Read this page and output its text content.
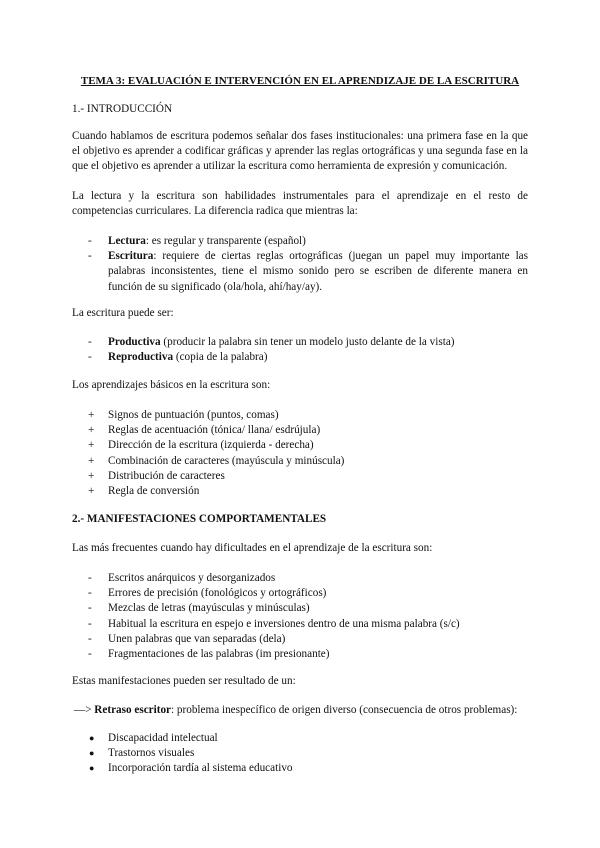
TEMA 3: EVALUACIÓN E INTERVENCIÓN EN EL APRENDIZAJE DE LA ESCRITURA
1.- INTRODUCCIÓN
Cuando hablamos de escritura podemos señalar dos fases institucionales: una primera fase en la que el objetivo es aprender a codificar gráficas y aprender las reglas ortográficas y una segunda fase en la que el objetivo es aprender a utilizar la escritura como herramienta de expresión y comunicación.
La lectura y la escritura son habilidades instrumentales para el aprendizaje en el resto de competencias curriculares. La diferencia radica que mientras la:
- Lectura: es regular y transparente (español)
- Escritura: requiere de ciertas reglas ortográficas (juegan un papel muy importante las palabras inconsistentes, tiene el mismo sonido pero se escriben de diferente manera en función de su significado (ola/hola, ahí/hay/ay).
La escritura puede ser:
- Productiva (producir la palabra sin tener un modelo justo delante de la vista)
- Reproductiva (copia de la palabra)
Los aprendizajes básicos en la escritura son:
+ Signos de puntuación (puntos, comas)
+ Reglas de acentuación (tónica/ llana/ esdrújula)
+ Dirección de la escritura (izquierda - derecha)
+ Combinación de caracteres (mayúscula y minúscula)
+ Distribución de caracteres
+ Regla de conversión
2.- MANIFESTACIONES COMPORTAMENTALES
Las más frecuentes cuando hay dificultades en el aprendizaje de la escritura son:
- Escritos anárquicos y desorganizados
- Errores de precisión (fonológicos y ortográficos)
- Mezclas de letras (mayúsculas y minúsculas)
- Habitual la escritura en espejo e inversiones dentro de una misma palabra (s/c)
- Unen palabras que van separadas (dela)
- Fragmentaciones de las palabras (im presionante)
Estas manifestaciones pueden ser resultado de un:
—> Retraso escritor: problema inespecífico de origen diverso (consecuencia de otros problemas):
● Discapacidad intelectual
● Trastornos visuales
● Incorporación tardía al sistema educativo
